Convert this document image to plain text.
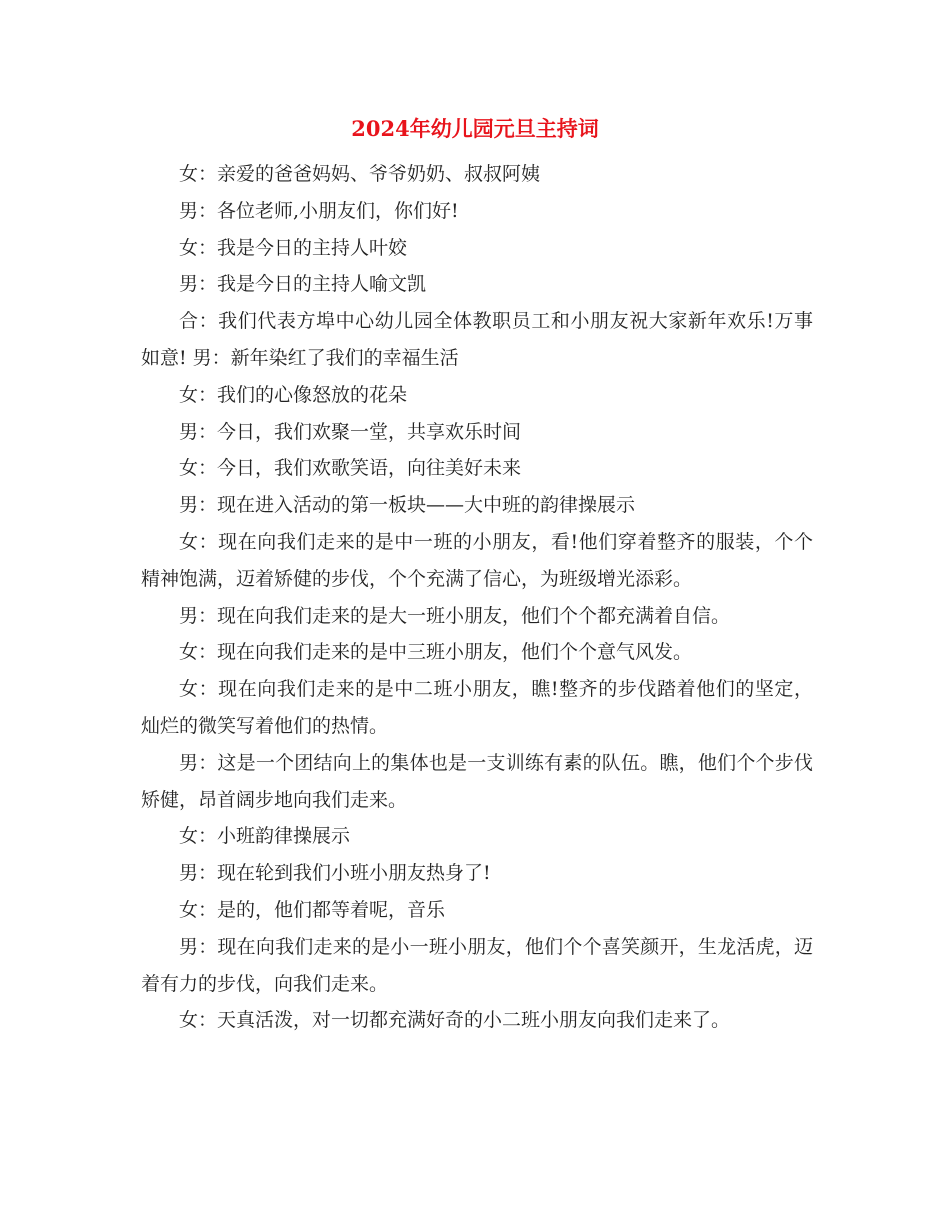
2024年幼儿园元旦主持词

女：亲爱的爸爸妈妈、爷爷奶奶、叔叔阿姨

男：各位老师,小朋友们，你们好!

女：我是今日的主持人叶姣

男：我是今日的主持人喻文凯

合：我们代表方埠中心幼儿园全体教职员工和小朋友祝大家新年欢乐!万事如意! 男：新年染红了我们的幸福生活

女：我们的心像怒放的花朵

男：今日，我们欢聚一堂，共享欢乐时间

女：今日，我们欢歌笑语，向往美好未来

男：现在进入活动的第一板块——大中班的韵律操展示

女：现在向我们走来的是中一班的小朋友，看!他们穿着整齐的服装，个个精神饱满，迈着矫健的步伐，个个充满了信心，为班级增光添彩。

男：现在向我们走来的是大一班小朋友，他们个个都充满着自信。

女：现在向我们走来的是中三班小朋友，他们个个意气风发。

女：现在向我们走来的是中二班小朋友，瞧!整齐的步伐踏着他们的坚定，灿烂的微笑写着他们的热情。

男：这是一个团结向上的集体也是一支训练有素的队伍。瞧，他们个个步伐矫健，昂首阔步地向我们走来。

女：小班韵律操展示

男：现在轮到我们小班小朋友热身了!

女：是的，他们都等着呢，音乐

男：现在向我们走来的是小一班小朋友，他们个个喜笑颜开，生龙活虎，迈着有力的步伐，向我们走来。

女：天真活泼，对一切都充满好奇的小二班小朋友向我们走来了。
